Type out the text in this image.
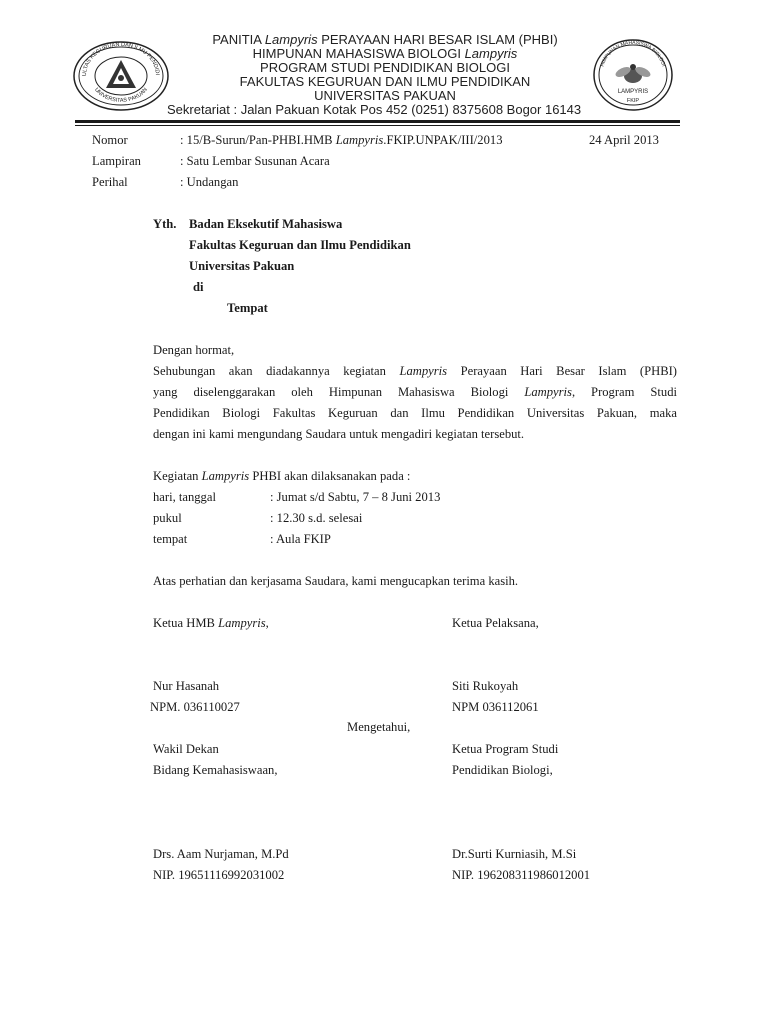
ULTAS KEGURUAN DAN ILMU PENDIDI
UNIVERSITAS PAKUAN
HIMPUNAN MAHASISWA BIOLOGI
LAMPYRIS
FKIP
PANITIA Lampyris PERAYAAN HARI BESAR ISLAM (PHBI)
HIMPUNAN MAHASISWA BIOLOGI Lampyris
PROGRAM STUDI PENDIDIKAN BIOLOGI
FAKULTAS KEGURUAN DAN ILMU PENDIDIKAN
UNIVERSITAS PAKUAN
Sekretariat : Jalan Pakuan Kotak Pos 452 (0251) 8375608 Bogor 16143
Nomor	: 15/B-Surun/Pan-PHBI.HMB Lampyris.FKIP.UNPAK/III/2013	24 April 2013
Lampiran	: Satu Lembar Susunan Acara
Perihal	: Undangan
Yth. Badan Eksekutif Mahasiswa
Fakultas Keguruan dan Ilmu Pendidikan
Universitas Pakuan
di
Tempat
Dengan hormat,
Sehubungan akan diadakannya kegiatan Lampyris Perayaan Hari Besar Islam (PHBI)
yang diselenggarakan oleh Himpunan Mahasiswa Biologi Lampyris, Program Studi
Pendidikan Biologi Fakultas Keguruan dan Ilmu Pendidikan Universitas Pakuan, maka
dengan ini kami mengundang Saudara untuk mengadiri kegiatan tersebut.
Kegiatan Lampyris PHBI akan dilaksanakan pada :
hari, tanggal	: Jumat s/d Sabtu, 7 – 8 Juni 2013
pukul	: 12.30 s.d. selesai
tempat	: Aula FKIP
Atas perhatian dan kerjasama Saudara, kami mengucapkan terima kasih.
Ketua HMB Lampyris,	Ketua Pelaksana,
Nur Hasanah	Siti Rukoyah
NPM. 036110027	NPM 036112061
Mengetahui,
Wakil Dekan	Ketua Program Studi
Bidang Kemahasiswaan,	Pendidikan Biologi,
Drs. Aam Nurjaman, M.Pd	Dr.Surti Kurniasih, M.Si
NIP. 19651116992031002	NIP. 196208311986012001
